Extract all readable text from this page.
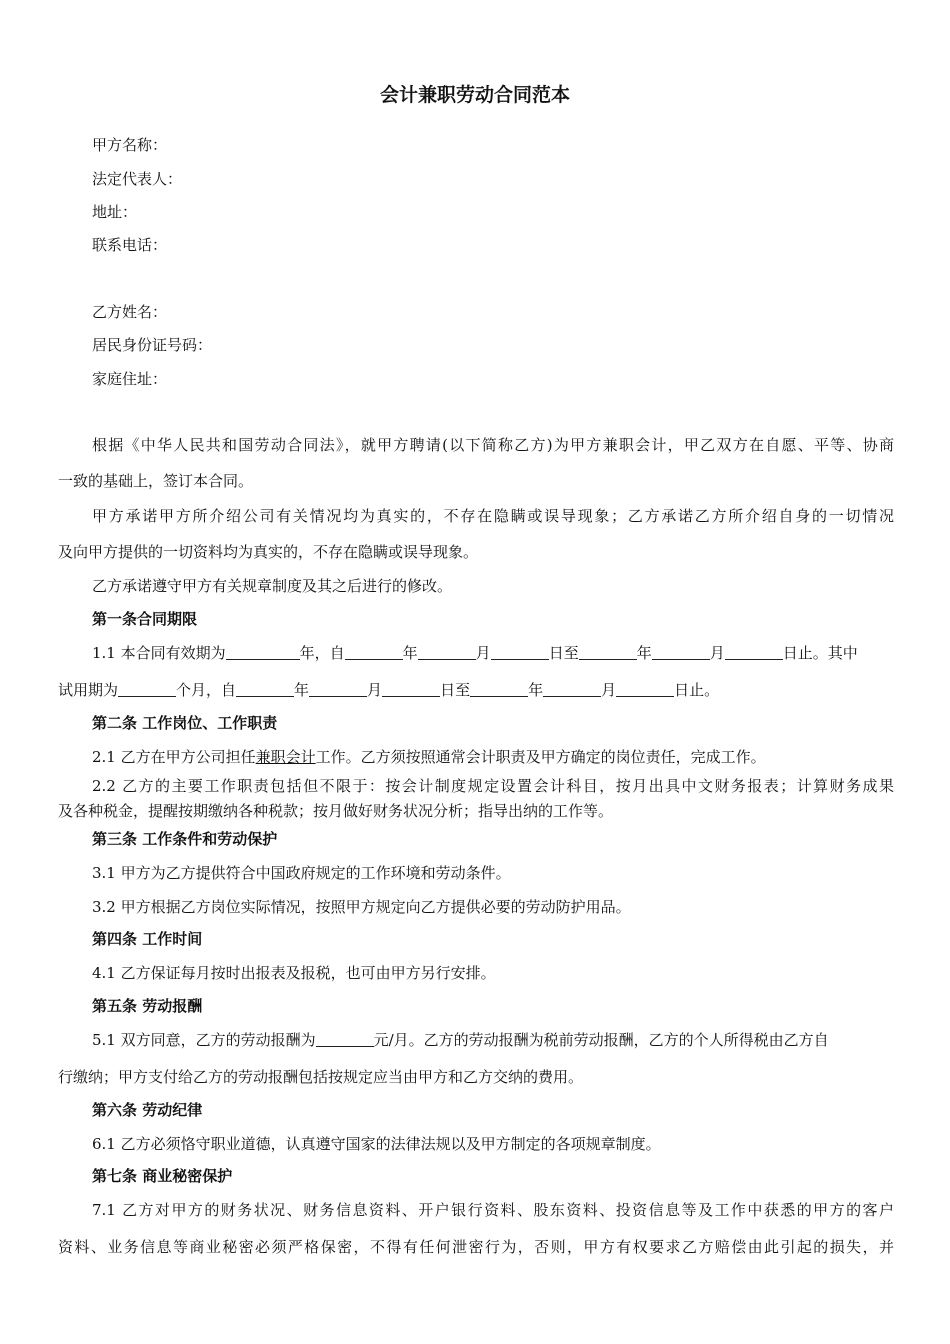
会计兼职劳动合同范本
甲方名称：
法定代表人：
地址：
联系电话：
乙方姓名：
居民身份证号码：
家庭住址：
根据《中华人民共和国劳动合同法》，就甲方聘请(以下简称乙方)为甲方兼职会计，甲乙双方在自愿、平等、协商
一致的基础上，签订本合同。
甲方承诺甲方所介绍公司有关情况均为真实的，不存在隐瞒或误导现象；乙方承诺乙方所介绍自身的一切情况
及向甲方提供的一切资料均为真实的，不存在隐瞒或误导现象。
乙方承诺遵守甲方有关规章制度及其之后进行的修改。
第一条合同期限
1.1 本合同有效期为	年，自	年	月	日至	年	月	日止。其中
试用期为	个月，自	年	月	日至	年	月	日止。
第二条 工作岗位、工作职责
2.1 乙方在甲方公司担任兼职会计工作。乙方须按照通常会计职责及甲方确定的岗位责任，完成工作。
2.2 乙方的主要工作职责包括但不限于：按会计制度规定设置会计科目，按月出具中文财务报表；计算财务成果
及各种税金，提醒按期缴纳各种税款；按月做好财务状况分析；指导出纳的工作等。
第三条 工作条件和劳动保护
3.1 甲方为乙方提供符合中国政府规定的工作环境和劳动条件。
3.2 甲方根据乙方岗位实际情况，按照甲方规定向乙方提供必要的劳动防护用品。
第四条 工作时间
4.1 乙方保证每月按时出报表及报税，也可由甲方另行安排。
第五条 劳动报酬
5.1 双方同意，乙方的劳动报酬为	元/月。乙方的劳动报酬为税前劳动报酬，乙方的个人所得税由乙方自
行缴纳；甲方支付给乙方的劳动报酬包括按规定应当由甲方和乙方交纳的费用。
第六条 劳动纪律
6.1 乙方必须恪守职业道德，认真遵守国家的法律法规以及甲方制定的各项规章制度。
第七条 商业秘密保护
7.1 乙方对甲方的财务状况、财务信息资料、开户银行资料、股东资料、投资信息等及工作中获悉的甲方的客户
资料、业务信息等商业秘密必须严格保密，不得有任何泄密行为，否则，甲方有权要求乙方赔偿由此引起的损失，并
